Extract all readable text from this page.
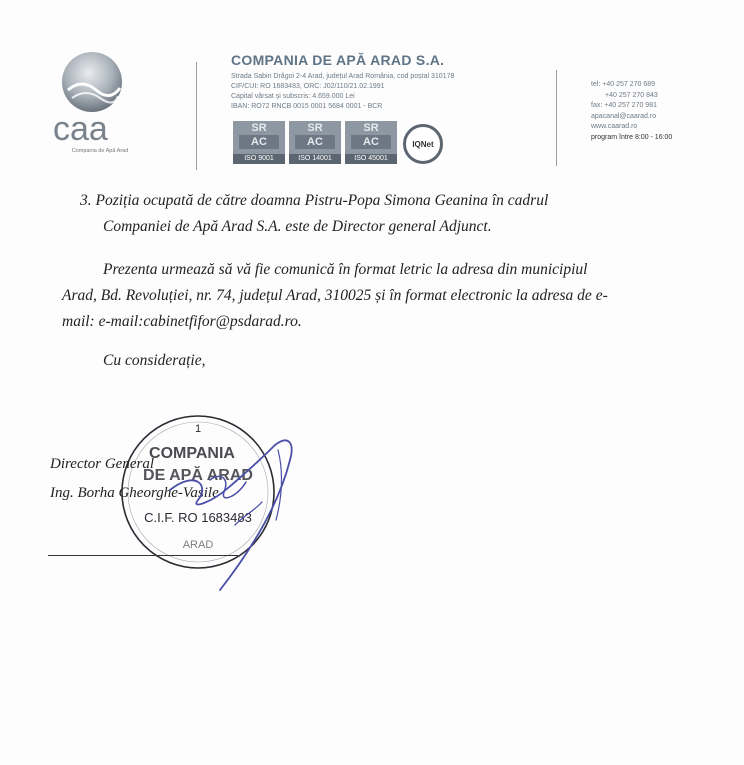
caa
Compania de Apă Arad
COMPANIA DE APĂ ARAD S.A.
Strada Sabin Drăgoi 2-4 Arad, județul Arad România, cod poștal 310178
CIF/CUI: RO 1683483, ORC: J02/110/21.02.1991
Capital vărsat și subscris: 4.659.000 Lei
IBAN: RO72 RNCB 0015 0001 5684 0001 - BCR
SR
AC
ISO 9001
SR
AC
ISO 14001
SR
AC
ISO 45001
IQNet
tel: +40 257 270 689
+40 257 270 843
fax: +40 257 270 981
apacanal@caarad.ro
www.caarad.ro
program între 8:00 - 16:00

3. Poziția ocupată de către doamna Pistru-Popa Simona Geanina în cadrul

Companiei de Apă Arad S.A. este de Director general Adjunct.

Prezenta urmează să vă fie comunică în format letric la adresa din municipiul

Arad, Bd. Revoluției, nr. 74, județul Arad, 310025 și în format electronic la adresa de e-

mail: e-mail:cabinetfifor@psdarad.ro.

Cu considerație,

1
COMPANIA
DE APĂ ARAD
C.I.F. RO 1683483
ARAD
Director General
Ing. Borha Gheorghe-Vasile
